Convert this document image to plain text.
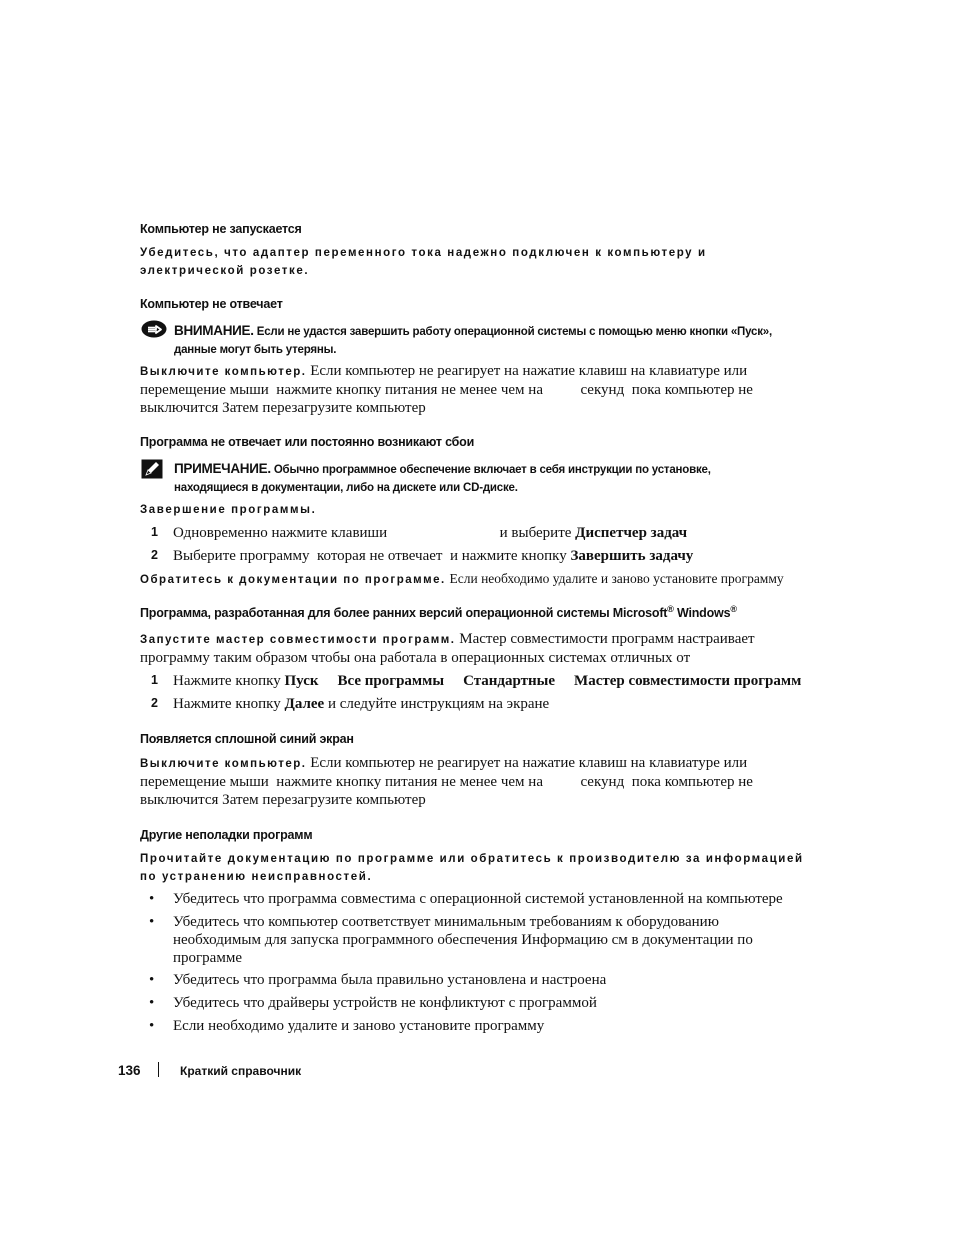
Компьютер не запускается
Убедитесь, что адаптер переменного тока надежно подключен к компьютеру и
электрической розетке.
Компьютер не отвечает
ВНИМАНИЕ. Если не удастся завершить работу операционной системы с помощью меню кнопки «Пуск»,
данные могут быть утеряны.
Выключите компьютер. Если компьютер не реагирует на нажатие клавиш на клавиатуре или
перемещение мыши  нажмите кнопку питания не менее чем на          секунд  пока компьютер не
выключится Затем перезагрузите компьютер
Программа не отвечает или постоянно возникают сбои
ПРИМЕЧАНИЕ. Обычно программное обеспечение включает в себя инструкции по установке,
находящиеся в документации, либо на дискете или CD-диске.
Завершение программы.
1 Одновременно нажмите клавиши                              и выберите Диспетчер задач
2 Выберите программу  которая не отвечает  и нажмите кнопку Завершить задачу
Обратитесь к документации по программе. Если необходимо удалите и заново установите программу
Программа, разработанная для более ранних версий операционной системы Microsoft® Windows®
Запустите мастер совместимости программ. Мастер совместимости программ настраивает
программу таким образом чтобы она работала в операционных системах отличных от
1 Нажмите кнопку Пуск Все программы Стандартные Мастер совместимости программ
2 Нажмите кнопку Далее и следуйте инструкциям на экране
Появляется сплошной синий экран
Выключите компьютер. Если компьютер не реагирует на нажатие клавиш на клавиатуре или
перемещение мыши  нажмите кнопку питания не менее чем на          секунд  пока компьютер не
выключится Затем перезагрузите компьютер
Другие неполадки программ
Прочитайте документацию по программе или обратитесь к производителю за информацией
по устранению неисправностей.
• Убедитесь что программа совместима с операционной системой установленной на компьютере
• Убедитесь что компьютер соответствует минимальным требованиям к оборудованию
необходимым для запуска программного обеспечения Информацию см в документации по
программе
• Убедитесь что программа была правильно установлена и настроена
• Убедитесь что драйверы устройств не конфликтуют с программой
• Если необходимо удалите и заново установите программу
136	Краткий справочник
